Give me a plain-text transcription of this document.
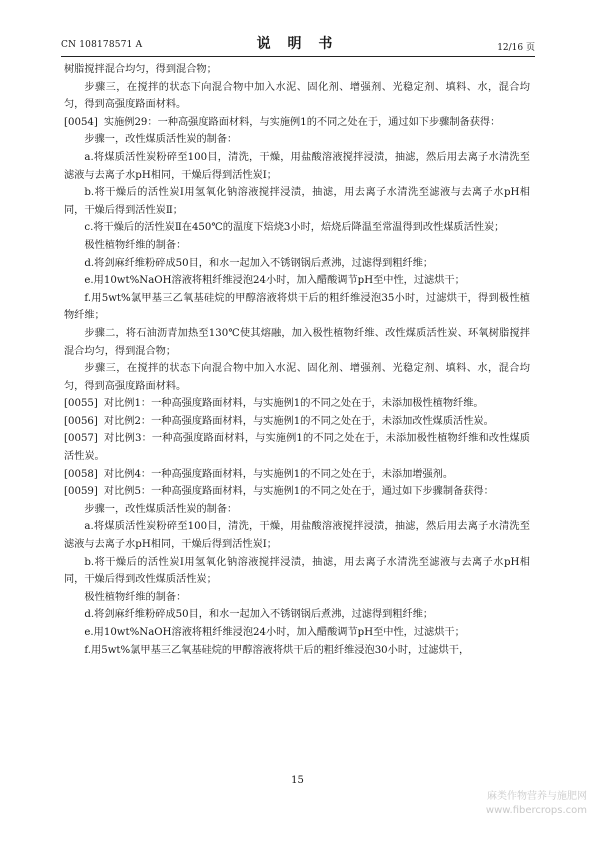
CN 108178571 A	说 明 书	12/16 页

树脂搅拌混合均匀，得到混合物；

步骤三，在搅拌的状态下向混合物中加入水泥、固化剂、增强剂、光稳定剂、填料、水，混合均匀，得到高强度路面材料。

[0054] 实施例29：一种高强度路面材料，与实施例1的不同之处在于，通过如下步骤制备获得：

步骤一，改性煤质活性炭的制备：

a.将煤质活性炭粉碎至100目，清洗，干燥，用盐酸溶液搅拌浸渍，抽滤，然后用去离子水清洗至滤液与去离子水pH相同，干燥后得到活性炭Ⅰ；

b.将干燥后的活性炭Ⅰ用氢氧化钠溶液搅拌浸渍，抽滤，用去离子水清洗至滤液与去离子水pH相同，干燥后得到活性炭Ⅱ；

c.将干燥后的活性炭Ⅱ在450℃的温度下焙烧3小时，焙烧后降温至常温得到改性煤质活性炭；

极性植物纤维的制备：

d.将剑麻纤维粉碎成50目，和水一起加入不锈钢锅后煮沸，过滤得到粗纤维；

e.用10wt%NaOH溶液将粗纤维浸泡24小时，加入醋酸调节pH至中性，过滤烘干；

f.用5wt%氯甲基三乙氧基硅烷的甲醇溶液将烘干后的粗纤维浸泡35小时，过滤烘干，得到极性植物纤维；

步骤二，将石油沥青加热至130℃使其熔融，加入极性植物纤维、改性煤质活性炭、环氧树脂搅拌混合均匀，得到混合物；

步骤三，在搅拌的状态下向混合物中加入水泥、固化剂、增强剂、光稳定剂、填料、水，混合均匀，得到高强度路面材料。

[0055] 对比例1：一种高强度路面材料，与实施例1的不同之处在于，未添加极性植物纤维。

[0056] 对比例2：一种高强度路面材料，与实施例1的不同之处在于，未添加改性煤质活性炭。

[0057] 对比例3：一种高强度路面材料，与实施例1的不同之处在于，未添加极性植物纤维和改性煤质活性炭。

[0058] 对比例4：一种高强度路面材料，与实施例1的不同之处在于，未添加增强剂。

[0059] 对比例5：一种高强度路面材料，与实施例1的不同之处在于，通过如下步骤制备获得：

步骤一，改性煤质活性炭的制备：

a.将煤质活性炭粉碎至100目，清洗，干燥，用盐酸溶液搅拌浸渍，抽滤，然后用去离子水清洗至滤液与去离子水pH相同，干燥后得到活性炭Ⅰ；

b.将干燥后的活性炭Ⅰ用氢氧化钠溶液搅拌浸渍，抽滤，用去离子水清洗至滤液与去离子水pH相同，干燥后得到改性煤质活性炭；

极性植物纤维的制备：

d.将剑麻纤维粉碎成50目，和水一起加入不锈钢锅后煮沸，过滤得到粗纤维；

e.用10wt%NaOH溶液将粗纤维浸泡24小时，加入醋酸调节pH至中性，过滤烘干；

f.用5wt%氯甲基三乙氧基硅烷的甲醇溶液将烘干后的粗纤维浸泡30小时，过滤烘干，

15
麻类作物营养与施肥网
www.fibercrops.com
